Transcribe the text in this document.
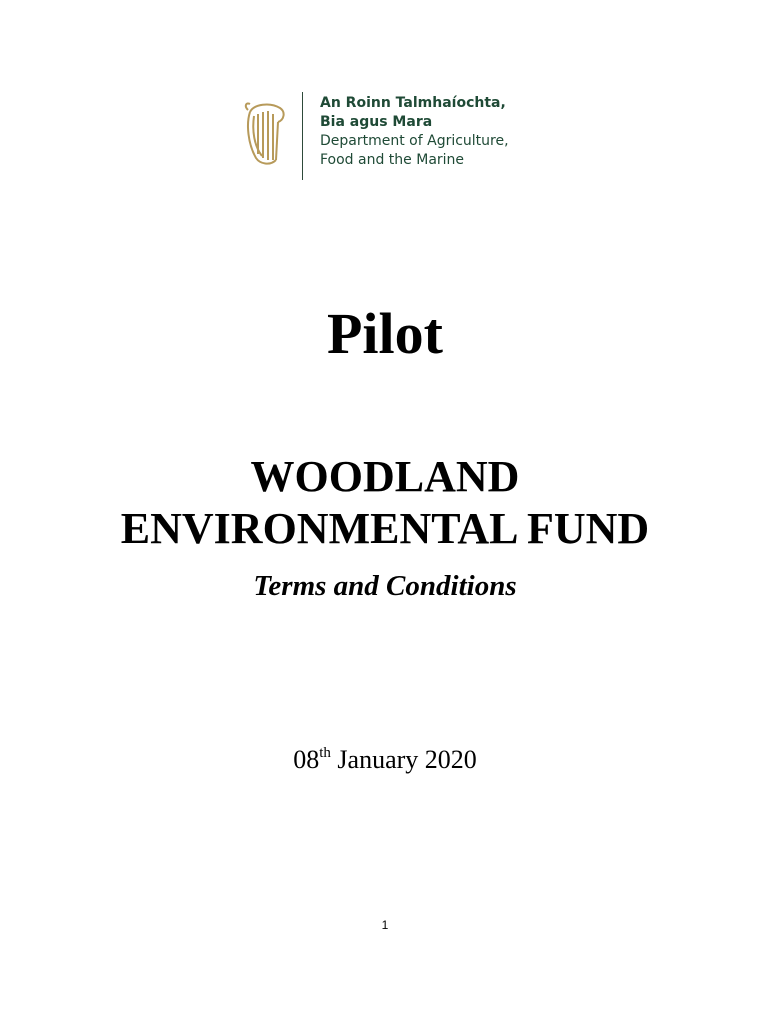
An Roinn Talmhaíochta,
Bia agus Mara
Department of Agriculture,
Food and the Marine
Pilot
WOODLAND
ENVIRONMENTAL FUND
Terms and Conditions
08th January 2020
1
